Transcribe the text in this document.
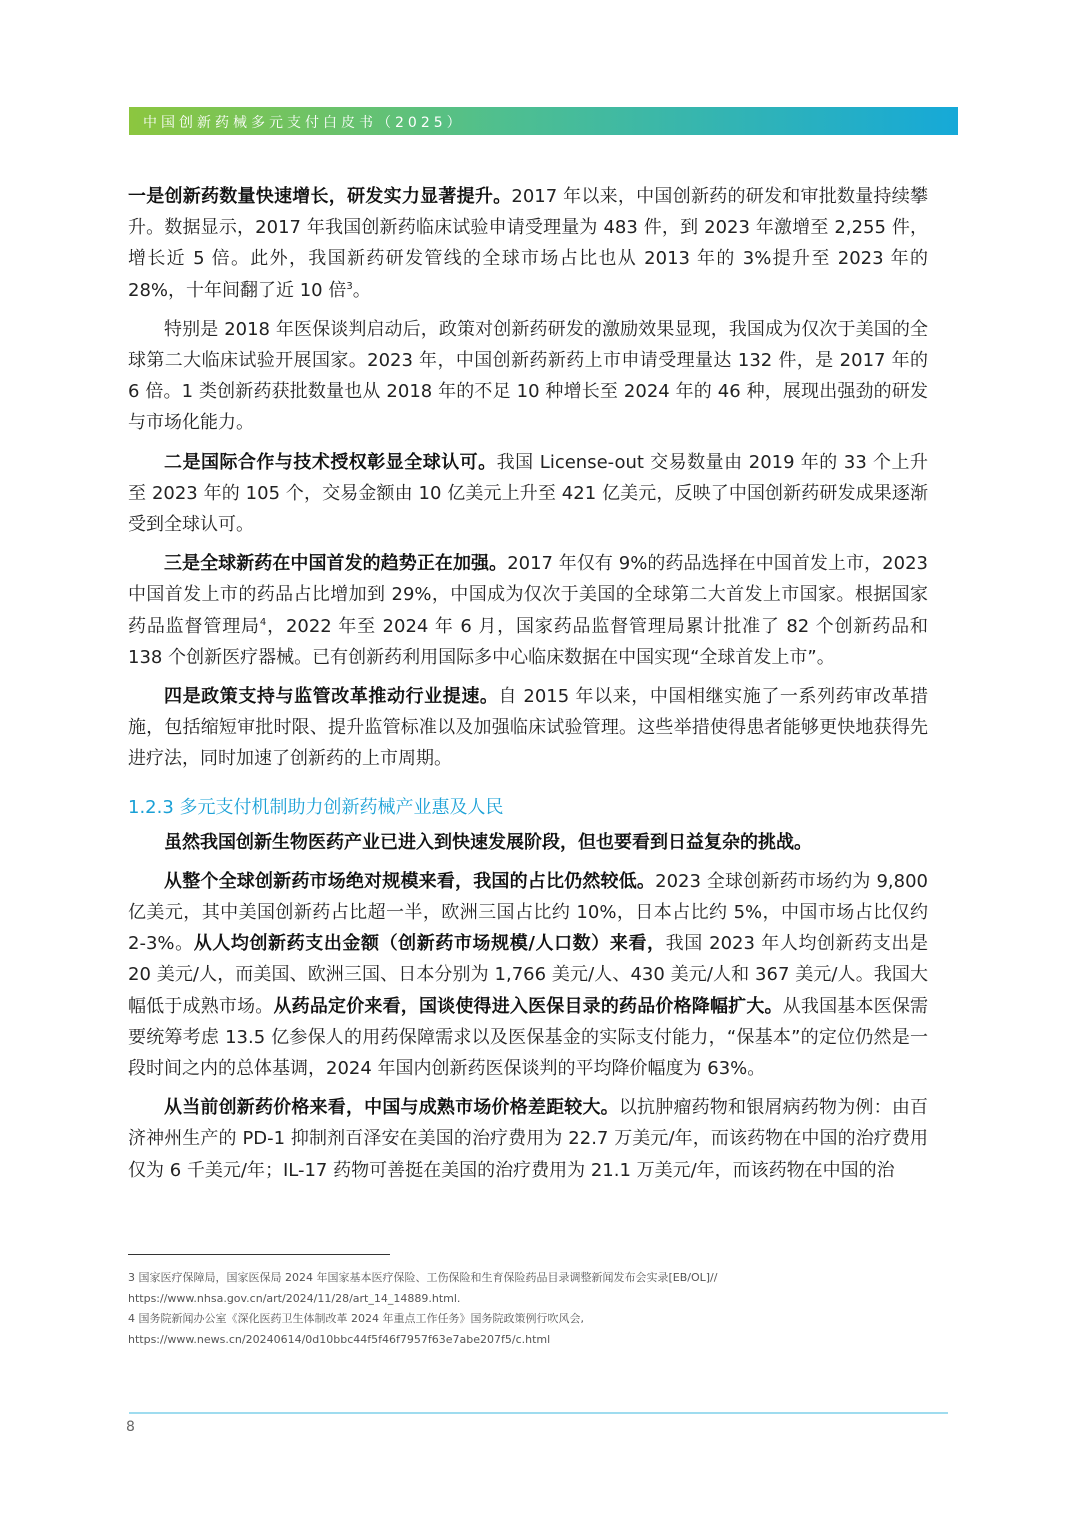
中国创新药械多元支付白皮书（2025）

一是创新药数量快速增长，研发实力显著提升。2017 年以来，中国创新药的研发和审批数量持续攀升。数据显示，2017 年我国创新药临床试验申请受理量为 483 件，到 2023 年激增至 2,255 件，增长近 5 倍。此外，我国新药研发管线的全球市场占比也从 2013 年的 3%提升至 2023 年的 28%，十年间翻了近 10 倍$^3$。

特别是 2018 年医保谈判启动后，政策对创新药研发的激励效果显现，我国成为仅次于美国的全球第二大临床试验开展国家。2023 年，中国创新药新药上市申请受理量达 132 件，是 2017 年的 6 倍。1 类创新药获批数量也从 2018 年的不足 10 种增长至 2024 年的 46 种，展现出强劲的研发与市场化能力。

二是国际合作与技术授权彰显全球认可。我国 License-out 交易数量由 2019 年的 33 个上升至 2023 年的 105 个，交易金额由 10 亿美元上升至 421 亿美元，反映了中国创新药研发成果逐渐受到全球认可。

三是全球新药在中国首发的趋势正在加强。2017 年仅有 9%的药品选择在中国首发上市，2023 中国首发上市的药品占比增加到 29%，中国成为仅次于美国的全球第二大首发上市国家。根据国家药品监督管理局$^4$，2022 年至 2024 年 6 月，国家药品监督管理局累计批准了 82 个创新药品和 138 个创新医疗器械。已有创新药利用国际多中心临床数据在中国实现“全球首发上市”。

四是政策支持与监管改革推动行业提速。自 2015 年以来，中国相继实施了一系列药审改革措施，包括缩短审批时限、提升监管标准以及加强临床试验管理。这些举措使得患者能够更快地获得先进疗法，同时加速了创新药的上市周期。

1.2.3 多元支付机制助力创新药械产业惠及人民

虽然我国创新生物医药产业已进入到快速发展阶段，但也要看到日益复杂的挑战。

从整个全球创新药市场绝对规模来看，我国的占比仍然较低。2023 全球创新药市场约为 9,800 亿美元，其中美国创新药占比超一半，欧洲三国占比约 10%，日本占比约 5%，中国市场占比仅约 2-3%。从人均创新药支出金额（创新药市场规模/人口数）来看，我国 2023 年人均创新药支出是 20 美元/人，而美国、欧洲三国、日本分别为 1,766 美元/人、430 美元/人和 367 美元/人。我国大幅低于成熟市场。从药品定价来看，国谈使得进入医保目录的药品价格降幅扩大。从我国基本医保需要统筹考虑 13.5 亿参保人的用药保障需求以及医保基金的实际支付能力，“保基本”的定位仍然是一段时间之内的总体基调，2024 年国内创新药医保谈判的平均降价幅度为 63%。

从当前创新药价格来看，中国与成熟市场价格差距较大。以抗肿瘤药物和银屑病药物为例：由百济神州生产的 PD-1 抑制剂百泽安在美国的治疗费用为 22.7 万美元/年，而该药物在中国的治疗费用仅为 6 千美元/年；IL-17 药物可善挺在美国的治疗费用为 21.1 万美元/年，而该药物在中国的治

3 国家医疗保障局，国家医保局 2024 年国家基本医疗保险、工伤保险和生育保险药品目录调整新闻发布会实录[EB/OL]//
https://www.nhsa.gov.cn/art/2024/11/28/art_14_14889.html.
4 国务院新闻办公室《深化医药卫生体制改革 2024 年重点工作任务》国务院政策例行吹风会,
https://www.news.cn/20240614/0d10bbc44f5f46f7957f63e7abe207f5/c.html
8
